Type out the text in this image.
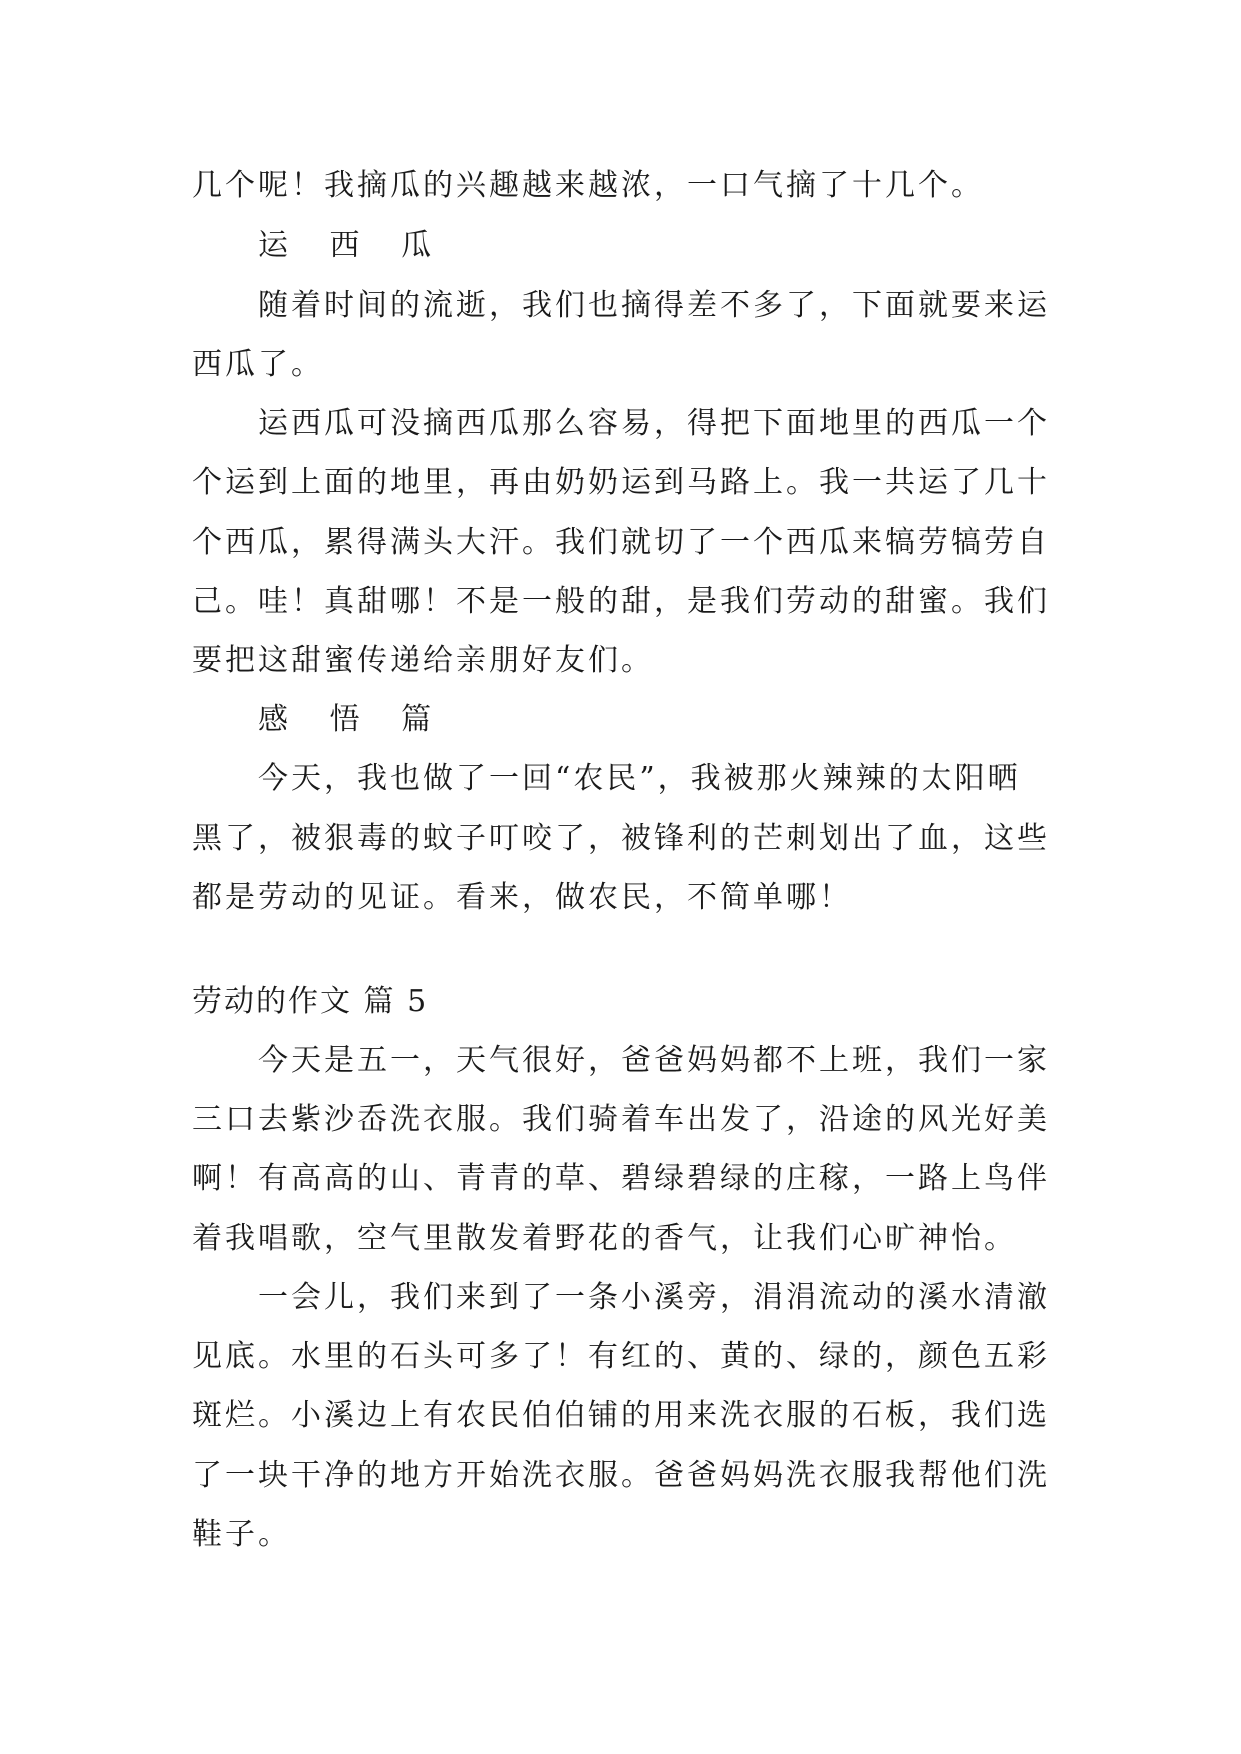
几个呢！我摘瓜的兴趣越来越浓，一口气摘了十几个。
运 西 瓜
随着时间的流逝，我们也摘得差不多了，下面就要来运
西瓜了。
运西瓜可没摘西瓜那么容易，得把下面地里的西瓜一个
个运到上面的地里，再由奶奶运到马路上。我一共运了几十
个西瓜，累得满头大汗。我们就切了一个西瓜来犒劳犒劳自
己。哇！真甜哪！不是一般的甜，是我们劳动的甜蜜。我们
要把这甜蜜传递给亲朋好友们。
感 悟 篇
今天，我也做了一回“农民”，我被那火辣辣的太阳晒
黑了，被狠毒的蚊子叮咬了，被锋利的芒刺划出了血，这些
都是劳动的见证。看来，做农民，不简单哪！
劳动的作文 篇 5
今天是五一，天气很好，爸爸妈妈都不上班，我们一家
三口去紫沙岙洗衣服。我们骑着车出发了，沿途的风光好美
啊！有高高的山、青青的草、碧绿碧绿的庄稼，一路上鸟伴
着我唱歌，空气里散发着野花的香气，让我们心旷神怡。
一会儿，我们来到了一条小溪旁，涓涓流动的溪水清澈
见底。水里的石头可多了！有红的、黄的、绿的，颜色五彩
斑烂。小溪边上有农民伯伯铺的用来洗衣服的石板，我们选
了一块干净的地方开始洗衣服。爸爸妈妈洗衣服我帮他们洗
鞋子。
